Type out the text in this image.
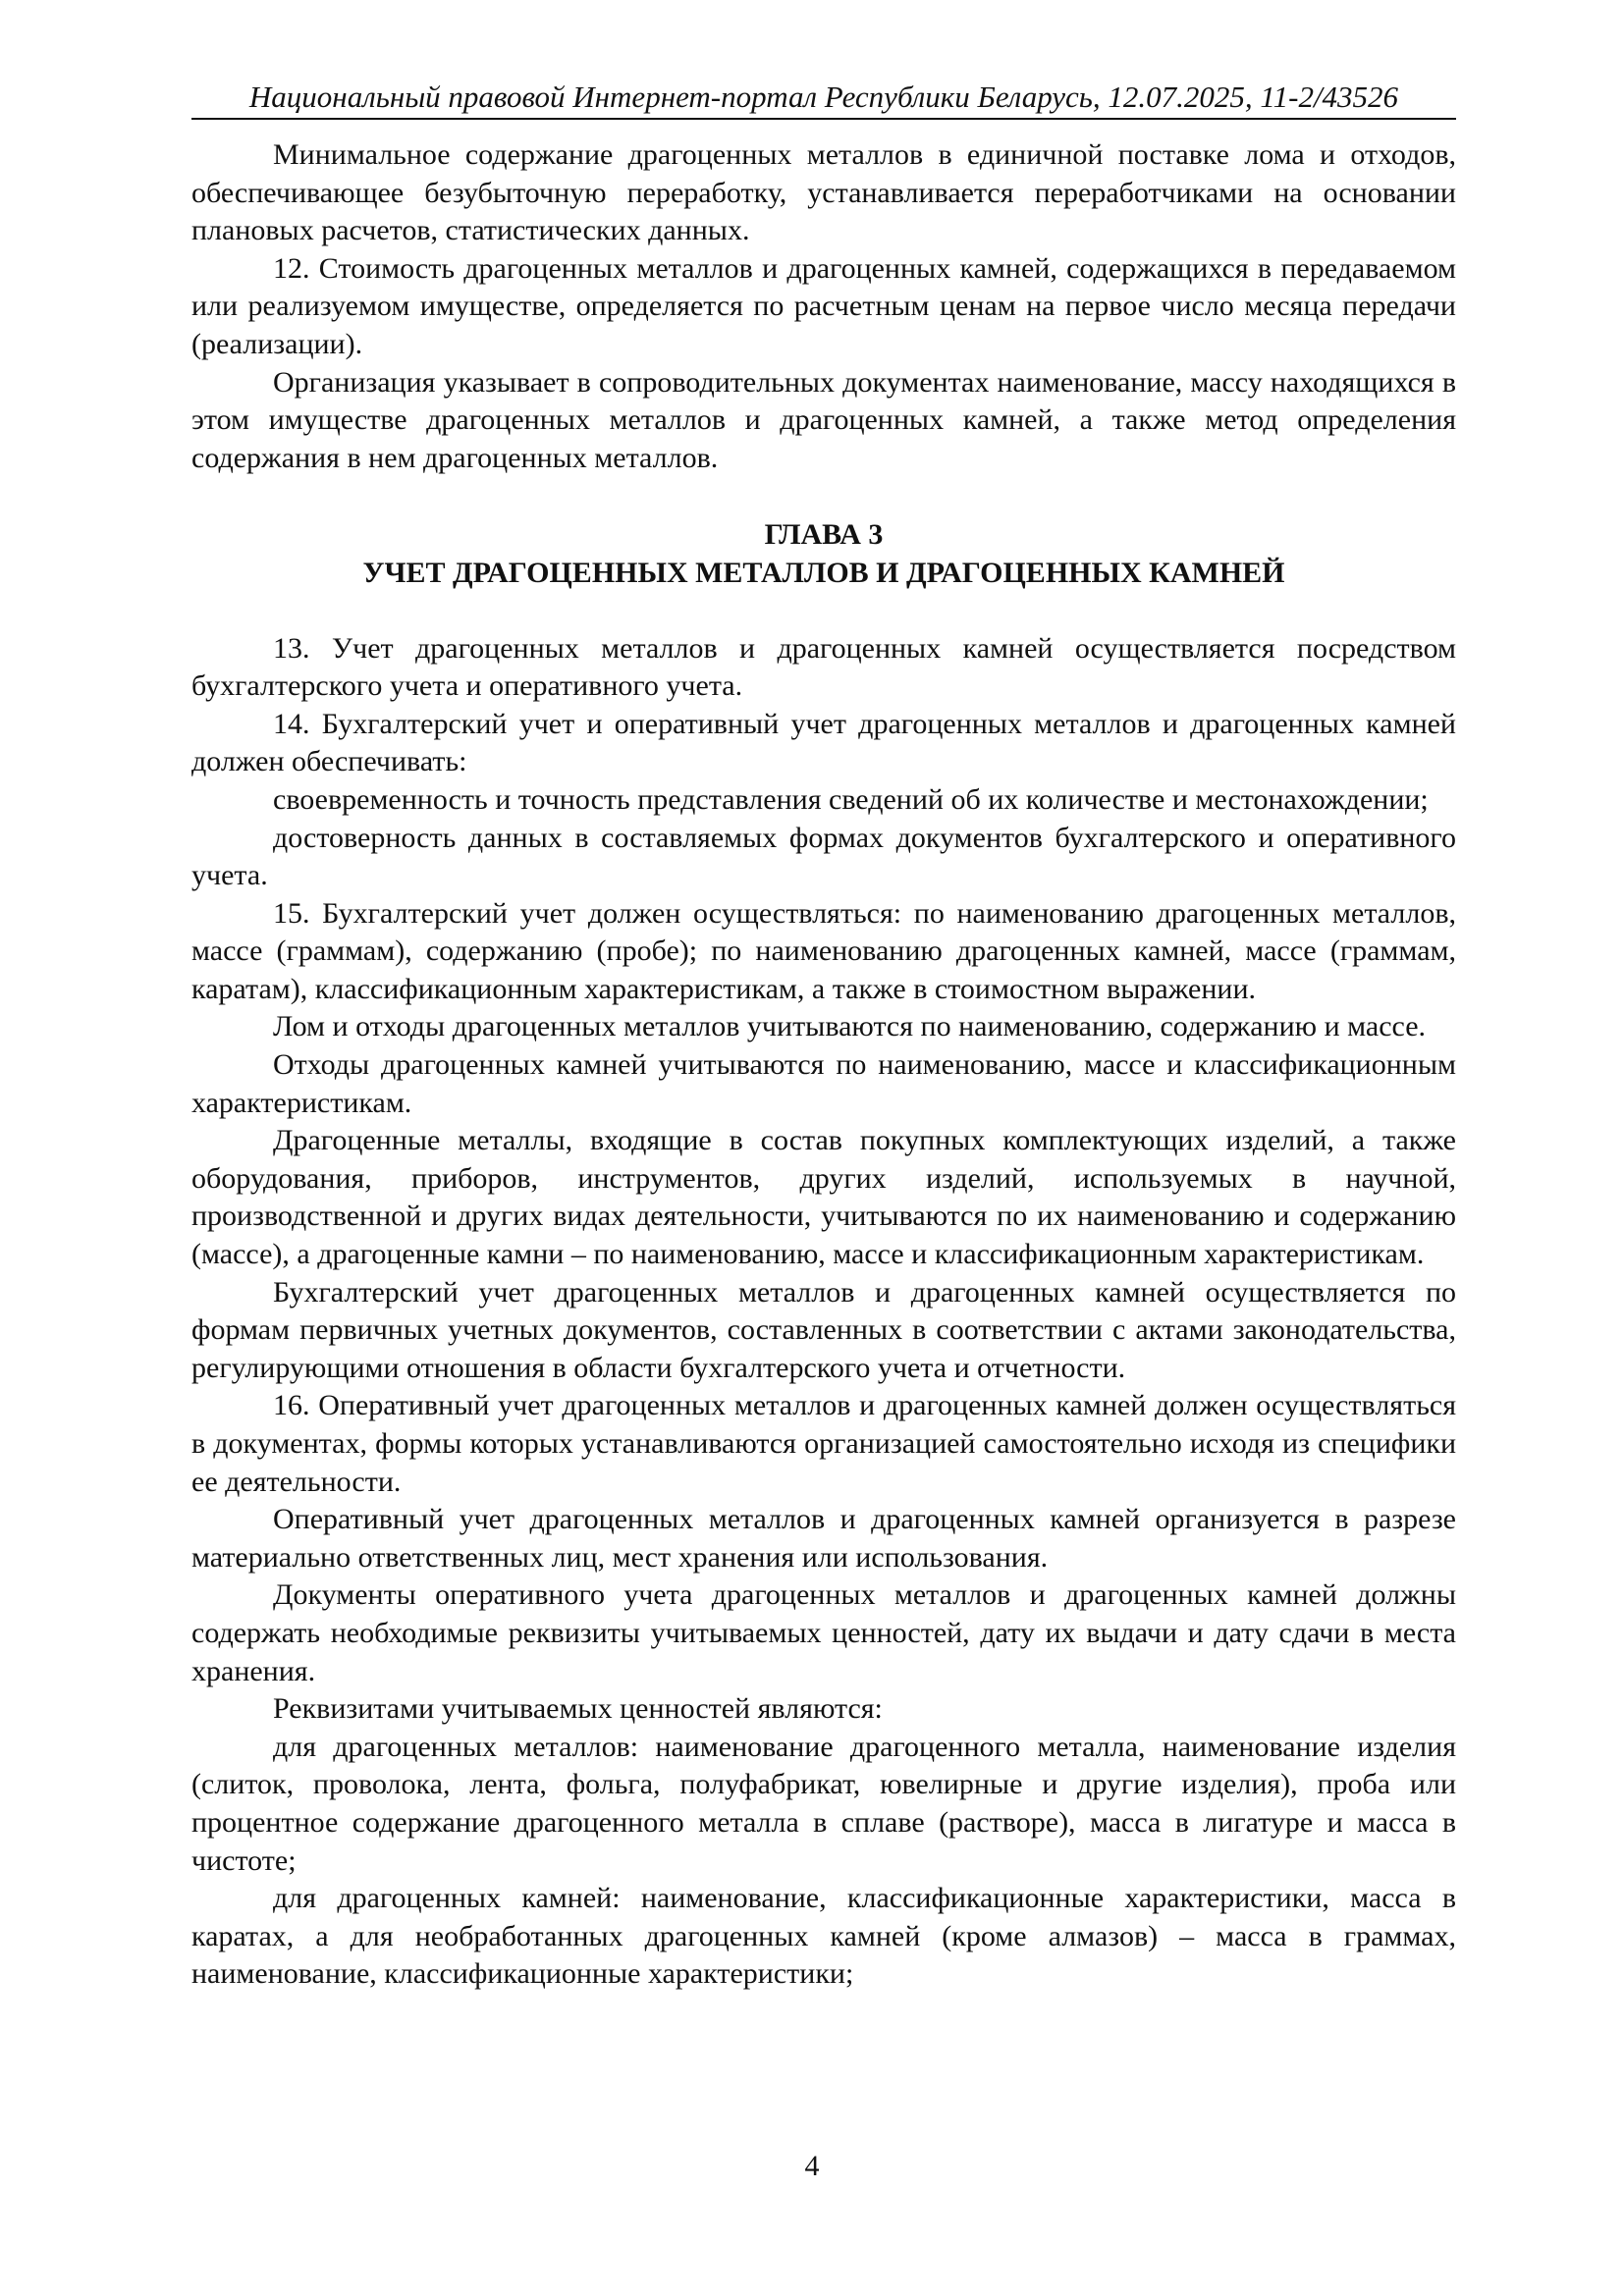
Национальный правовой Интернет-портал Республики Беларусь, 12.07.2025, 11-2/43526

Минимальное содержание драгоценных металлов в единичной поставке лома и отходов, обеспечивающее безубыточную переработку, устанавливается переработчиками на основании плановых расчетов, статистических данных.

12. Стоимость драгоценных металлов и драгоценных камней, содержащихся в передаваемом или реализуемом имуществе, определяется по расчетным ценам на первое число месяца передачи (реализации).

Организация указывает в сопроводительных документах наименование, массу находящихся в этом имуществе драгоценных металлов и драгоценных камней, а также метод определения содержания в нем драгоценных металлов.

ГЛАВА 3
УЧЕТ ДРАГОЦЕННЫХ МЕТАЛЛОВ И ДРАГОЦЕННЫХ КАМНЕЙ

13. Учет драгоценных металлов и драгоценных камней осуществляется посредством бухгалтерского учета и оперативного учета.

14. Бухгалтерский учет и оперативный учет драгоценных металлов и драгоценных камней должен обеспечивать:

своевременность и точность представления сведений об их количестве и местонахождении;

достоверность данных в составляемых формах документов бухгалтерского и оперативного учета.

15. Бухгалтерский учет должен осуществляться: по наименованию драгоценных металлов, массе (граммам), содержанию (пробе); по наименованию драгоценных камней, массе (граммам, каратам), классификационным характеристикам, а также в стоимостном выражении.

Лом и отходы драгоценных металлов учитываются по наименованию, содержанию и массе.

Отходы драгоценных камней учитываются по наименованию, массе и классификационным характеристикам.

Драгоценные металлы, входящие в состав покупных комплектующих изделий, а также оборудования, приборов, инструментов, других изделий, используемых в научной, производственной и других видах деятельности, учитываются по их наименованию и содержанию (массе), а драгоценные камни – по наименованию, массе и классификационным характеристикам.

Бухгалтерский учет драгоценных металлов и драгоценных камней осуществляется по формам первичных учетных документов, составленных в соответствии с актами законодательства, регулирующими отношения в области бухгалтерского учета и отчетности.

16. Оперативный учет драгоценных металлов и драгоценных камней должен осуществляться в документах, формы которых устанавливаются организацией самостоятельно исходя из специфики ее деятельности.

Оперативный учет драгоценных металлов и драгоценных камней организуется в разрезе материально ответственных лиц, мест хранения или использования.

Документы оперативного учета драгоценных металлов и драгоценных камней должны содержать необходимые реквизиты учитываемых ценностей, дату их выдачи и дату сдачи в места хранения.

Реквизитами учитываемых ценностей являются:

для драгоценных металлов: наименование драгоценного металла, наименование изделия (слиток, проволока, лента, фольга, полуфабрикат, ювелирные и другие изделия), проба или процентное содержание драгоценного металла в сплаве (растворе), масса в лигатуре и масса в чистоте;

для драгоценных камней: наименование, классификационные характеристики, масса в каратах, а для необработанных драгоценных камней (кроме алмазов) – масса в граммах, наименование, классификационные характеристики;

4
